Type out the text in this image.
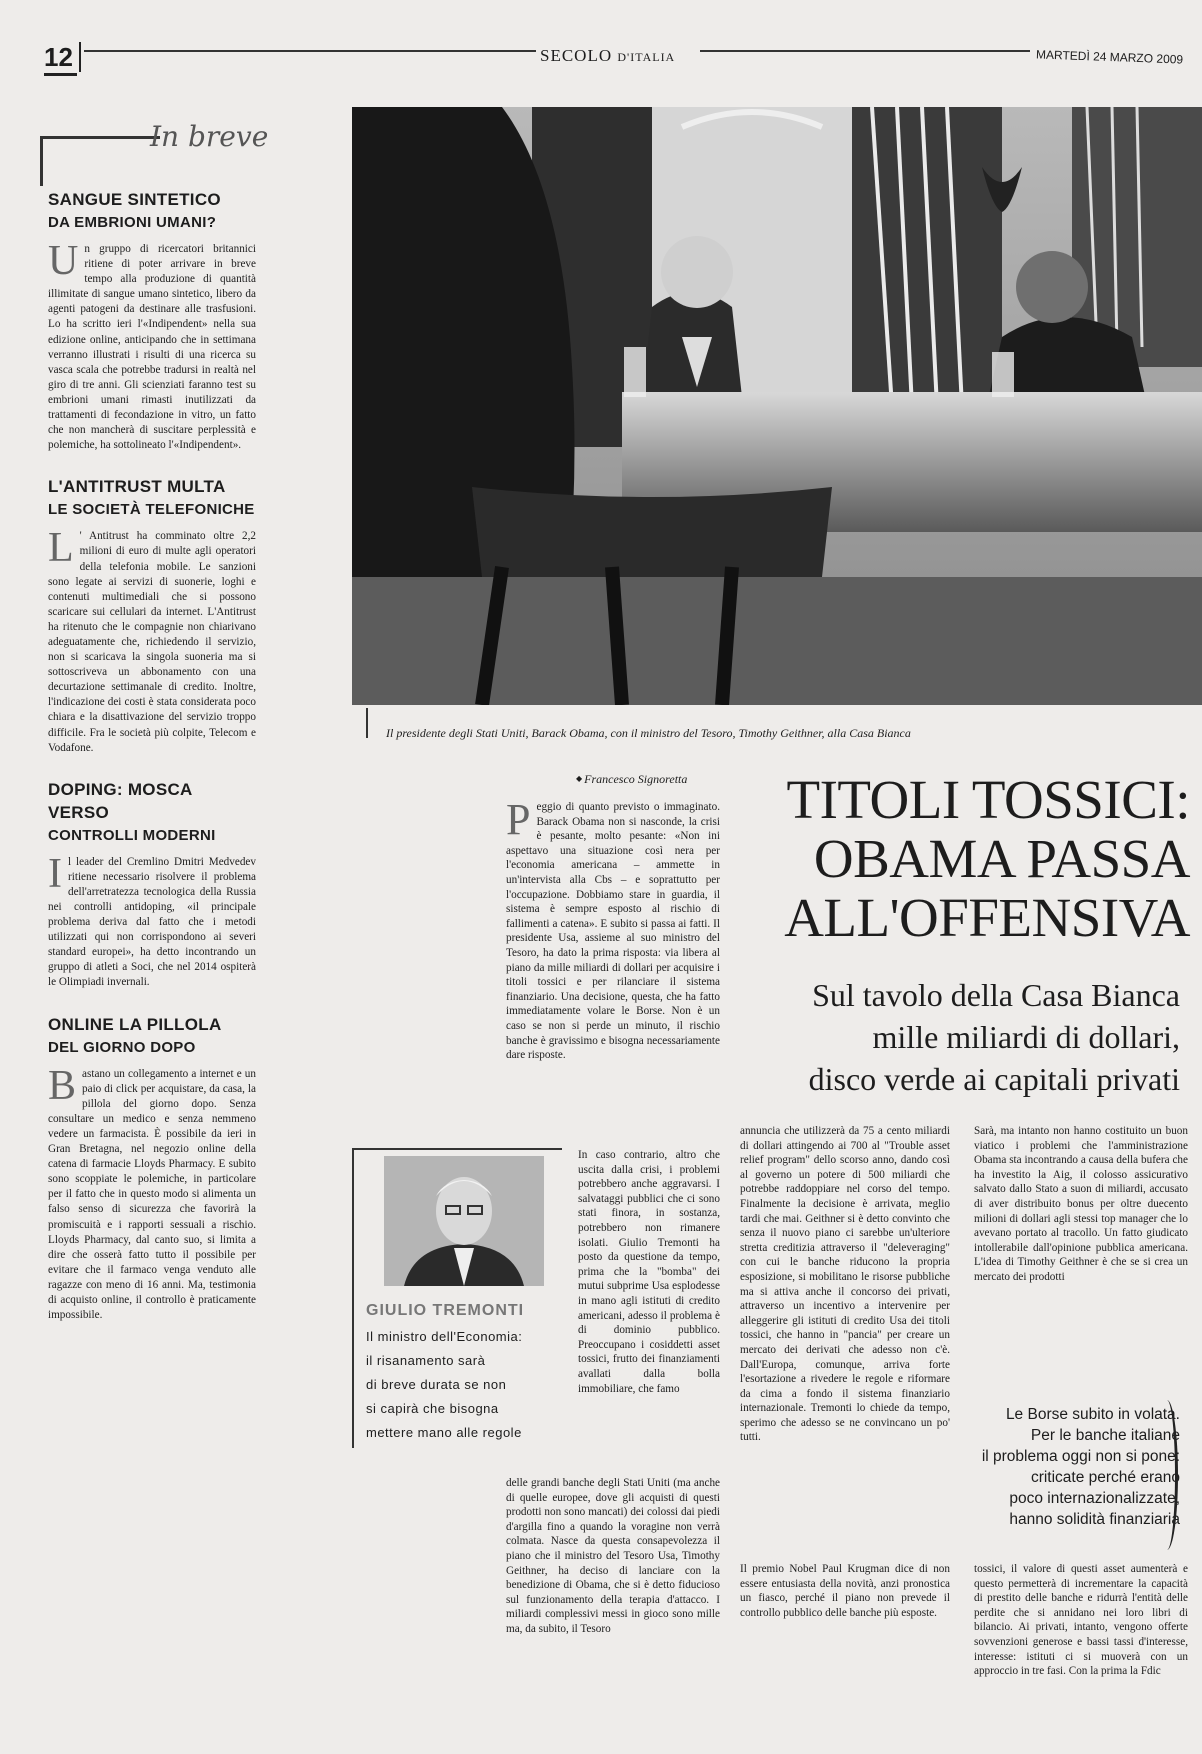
12	SECOLO D'ITALIA	MARTEDÌ 24 MARZO 2009
In breve
SANGUE SINTETICO
DA EMBRIONI UMANI?
Un gruppo di ricercatori britannici ritiene di poter arrivare in breve tempo alla produzione di quantità illimitate di sangue umano sintetico, libero da agenti patogeni da destinare alle trasfusioni. Lo ha scritto ieri l'«Indipendent» nella sua edizione online, anticipando che in settimana verranno illustrati i risulti di una ricerca su vasca scala che potrebbe tradursi in realtà nel giro di tre anni. Gli scienziati faranno test su embrioni umani rimasti inutilizzati da trattamenti di fecondazione in vitro, un fatto che non mancherà di suscitare perplessità e polemiche, ha sottolineato l'«Indipendent».
L'ANTITRUST MULTA
LE SOCIETÀ TELEFONICHE
L ' Antitrust ha comminato oltre 2,2 milioni di euro di multe agli operatori della telefonia mobile. Le sanzioni sono legate ai servizi di suonerie, loghi e contenuti multimediali che si possono scaricare sui cellulari da internet. L'Antitrust ha ritenuto che le compagnie non chiarivano adeguatamente che, richiedendo il servizio, non si scaricava la singola suoneria ma si sottoscriveva un abbonamento con una decurtazione settimanale di credito. Inoltre, l'indicazione dei costi è stata considerata poco chiara e la disattivazione del servizio troppo difficile. Fra le società più colpite, Telecom e Vodafone.
DOPING: MOSCA VERSO
CONTROLLI MODERNI
Il leader del Cremlino Dmitri Medvedev ritiene necessario risolvere il problema dell'arretratezza tecnologica della Russia nei controlli antidoping, «il principale problema deriva dal fatto che i metodi utilizzati qui non corrispondono ai severi standard europei», ha detto incontrando un gruppo di atleti a Soci, che nel 2014 ospiterà le Olimpiadi invernali.
ONLINE LA PILLOLA
DEL GIORNO DOPO
Bastano un collegamento a internet e un paio di click per acquistare, da casa, la pillola del giorno dopo. Senza consultare un medico e senza nemmeno vedere un farmacista. È possibile da ieri in Gran Bretagna, nel negozio online della catena di farmacie Lloyds Pharmacy. E subito sono scoppiate le polemiche, in particolare per il fatto che in questo modo si alimenta un falso senso di sicurezza che favorirà la promiscuità e i rapporti sessuali a rischio. Lloyds Pharmacy, dal canto suo, si limita a dire che osserà fatto tutto il possibile per evitare che il farmaco venga venduto alle ragazze con meno di 16 anni. Ma, testimonia di acquisto online, il controllo è praticamente impossibile.
Il presidente degli Stati Uniti, Barack Obama, con il ministro del Tesoro, Timothy Geithner, alla Casa Bianca
◆ Francesco Signoretta	TITOLI TOSSICI:
OBAMA PASSA
ALL'OFFENSIVA
Sul tavolo della Casa Bianca
mille miliardi di dollari,
disco verde ai capitali privati
Peggio di quanto previsto o immaginato. Barack Obama non si nasconde, la crisi è pesante, molto pesante: «Non ini aspettavo una situazione così nera per l'economia americana – ammette in un'intervista alla Cbs – e soprattutto per l'occupazione. Dobbiamo stare in guardia, il sistema è sempre esposto al rischio di fallimenti a catena». E subito si passa ai fatti. Il presidente Usa, assieme al suo ministro del Tesoro, ha dato la prima risposta: via libera al piano da mille miliardi di dollari per acquisire i titoli tossici e per rilanciare il sistema finanziario. Una decisione, questa, che ha fatto immediatamente volare le Borse. Non è un caso se non si perde un minuto, il rischio banche è gravissimo e bisogna necessariamente dare risposte.
In caso contrario, altro che uscita dalla crisi, i problemi potrebbero anche aggravarsi. I salvataggi pubblici che ci sono stati finora, in sostanza, potrebbero non rimanere isolati. Giulio Tremonti ha posto da questione da tempo, prima che la "bomba" dei mutui subprime Usa esplodesse in mano agli istituti di credito americani, adesso il problema è di dominio pubblico. Preoccupano i cosiddetti asset tossici, frutto dei finanziamenti avallati dalla bolla immobiliare, che famo
delle grandi banche degli Stati Uniti (ma anche di quelle europee, dove gli acquisti di questi prodotti non sono mancati) dei colossi dai piedi d'argilla fino a quando la voragine non verrà colmata. Nasce da questa consapevolezza il piano che il ministro del Tesoro Usa, Timothy Geithner, ha deciso di lanciare con la benedizione di Obama, che si è detto fiducioso sul funzionamento della terapia d'attacco. I miliardi complessivi messi in gioco sono mille ma, da subito, il Tesoro
annuncia che utilizzerà da 75 a cento miliardi di dollari attingendo ai 700 al "Trouble asset relief program" dello scorso anno, dando così al governo un potere di 500 miliardi che potrebbe raddoppiare nel corso del tempo. Finalmente la decisione è arrivata, meglio tardi che mai. Geithner si è detto convinto che senza il nuovo piano ci sarebbe un'ulteriore stretta creditizia attraverso il "deleveraging" con cui le banche riducono la propria esposizione, si mobilitano le risorse pubbliche ma si attiva anche il concorso dei privati, attraverso un incentivo a intervenire per alleggerire gli istituti di credito Usa dei titoli tossici, che hanno in "pancia" per creare un mercato dei derivati che adesso non c'è. Dall'Europa, comunque, arriva forte l'esortazione a rivedere le regole e riformare da cima a fondo il sistema finanziario internazionale. Tremonti lo chiede da tempo, sperimo che adesso se ne convincano un po' tutti.
Il premio Nobel Paul Krugman dice di non essere entusiasta della novità, anzi pronostica un fiasco, perché il piano non prevede il controllo pubblico delle banche più esposte.
Sarà, ma intanto non hanno costituito un buon viatico i problemi che l'amministrazione Obama sta incontrando a causa della bufera che ha investito la Aig, il colosso assicurativo salvato dallo Stato a suon di miliardi, accusato di aver distribuito bonus per oltre duecento milioni di dollari agli stessi top manager che lo avevano portato al tracollo. Un fatto giudicato intollerabile dall'opinione pubblica americana. L'idea di Timothy Geithner è che se si crea un mercato dei prodotti
tossici, il valore di questi asset aumenterà e questo permetterà di incrementare la capacità di prestito delle banche e ridurrà l'entità delle perdite che si annidano nei loro libri di bilancio. Ai privati, intanto, vengono offerte sovvenzioni generose e bassi tassi d'interesse, interesse: istituti ci si muoverà con un approccio in tre fasi. Con la prima la Fdic
GIULIO TREMONTI
Il ministro dell'Economia:
il risanamento sarà
di breve durata se non
si capirà che bisogna
mettere mano alle regole
Le Borse subito in volata.
Per le banche italiane
il problema oggi non si pone:
criticate perché erano
poco internazionalizzate,
hanno solidità finanziaria
